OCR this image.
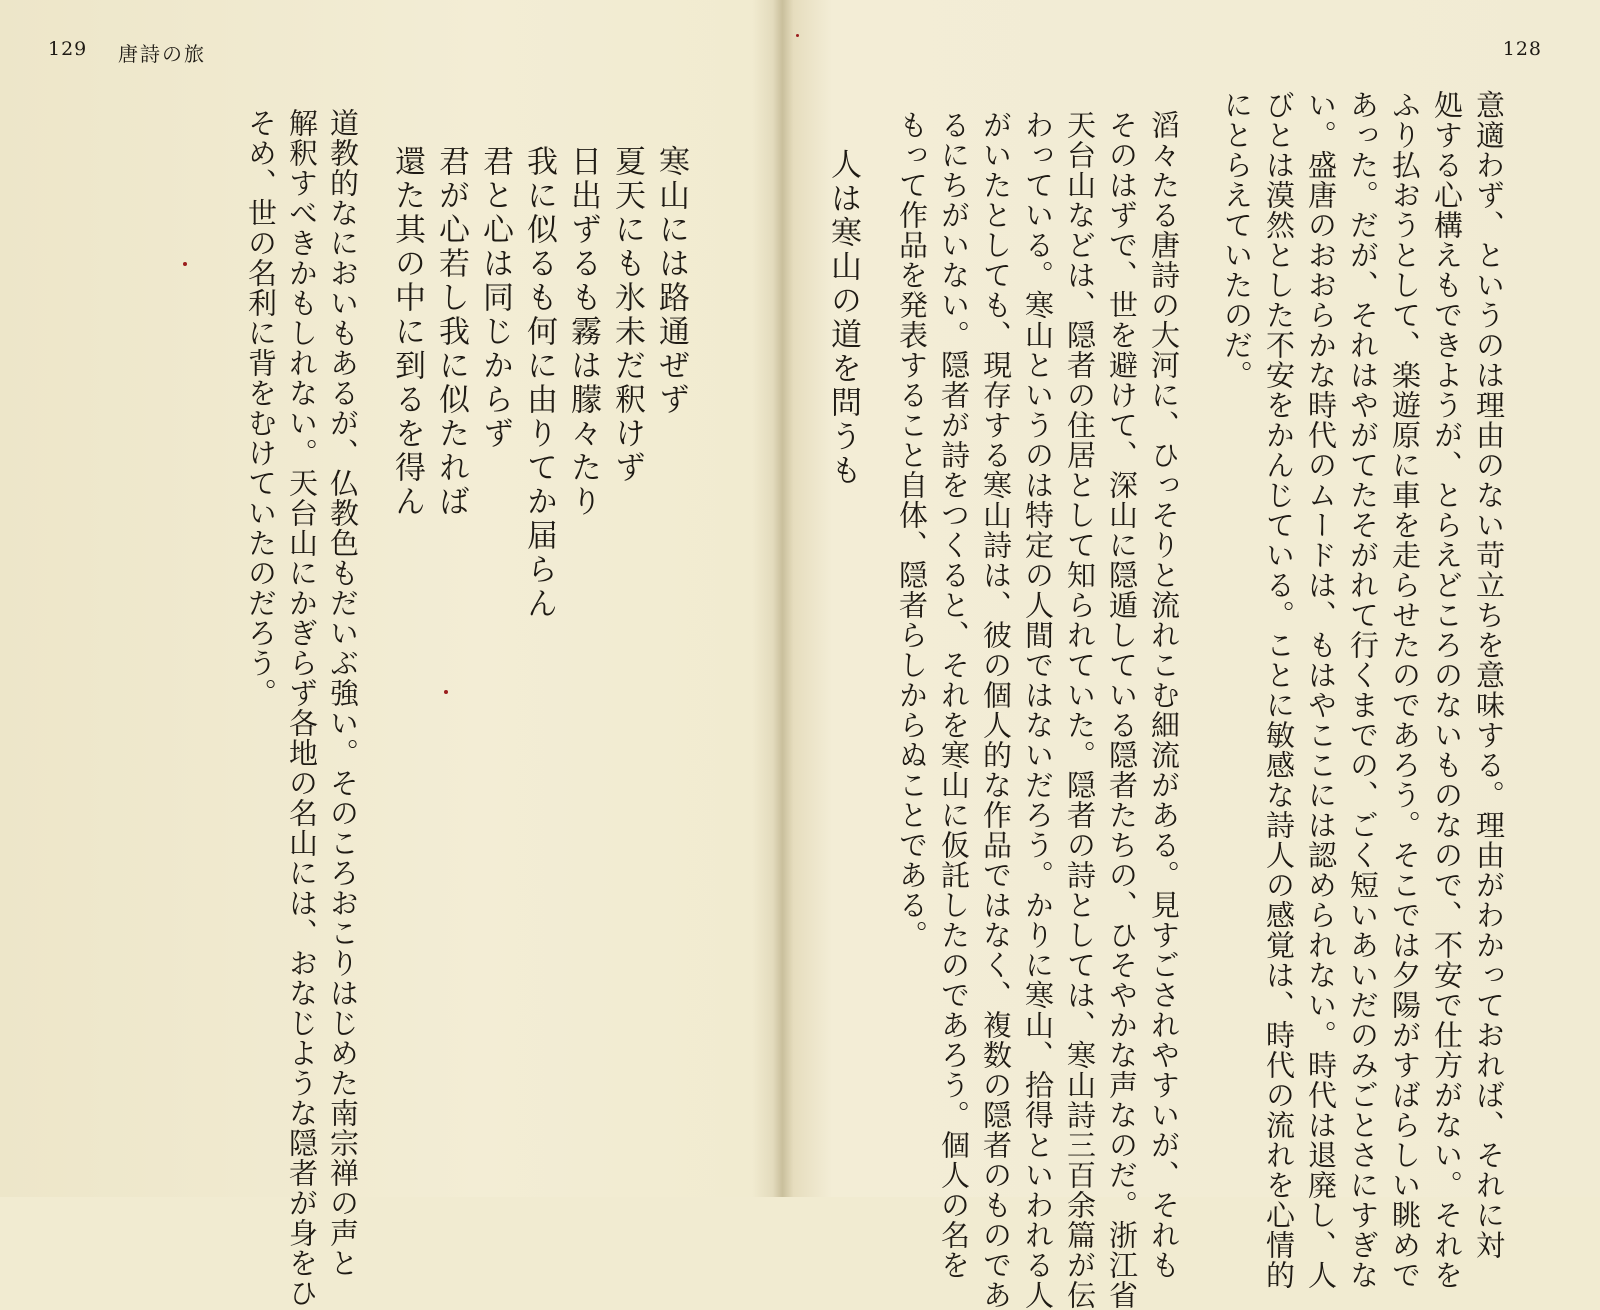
129 唐詩の旅

寒山には路通ぜず

夏天にも氷未だ釈けず

日出ずるも霧は朦々たり

我に似るも何に由りてか届らん

君と心は同じからず

君が心若し我に似たれば

還た其の中に到るを得ん

道教的なにおいもあるが、仏教色もだいぶ強い。そのころおこりはじめた南宗禅の声と

解釈すべきかもしれない。天台山にかぎらず各地の名山には、おなじような隠者が身をひ

そめ、世の名利に背をむけていたのだろう。

128

意適わず、というのは理由のない苛立ちを意味する。理由がわかっておれば、それに対

処する心構えもできようが、とらえどころのないものなので、不安で仕方がない。それを

ふり払おうとして、楽遊原に車を走らせたのであろう。そこでは夕陽がすばらしい眺めで

あった。だが、それはやがてたそがれて行くまでの、ごく短いあいだのみごとさにすぎな

い。盛唐のおおらかな時代のムードは、もはやここには認められない。時代は退廃し、人

びとは漠然とした不安をかんじている。ことに敏感な詩人の感覚は、時代の流れを心情的

にとらえていたのだ。

滔々たる唐詩の大河に、ひっそりと流れこむ細流がある。見すごされやすいが、それも

そのはずで、世を避けて、深山に隠遁している隠者たちの、ひそやかな声なのだ。浙江省

天台山などは、隠者の住居として知られていた。隠者の詩としては、寒山詩三百余篇が伝

わっている。寒山というのは特定の人間ではないだろう。かりに寒山、拾得といわれる人

がいたとしても、現存する寒山詩は、彼の個人的な作品ではなく、複数の隠者のものであ

るにちがいない。隠者が詩をつくると、それを寒山に仮託したのであろう。個人の名を

もって作品を発表すること自体、隠者らしからぬことである。

人は寒山の道を問うも
